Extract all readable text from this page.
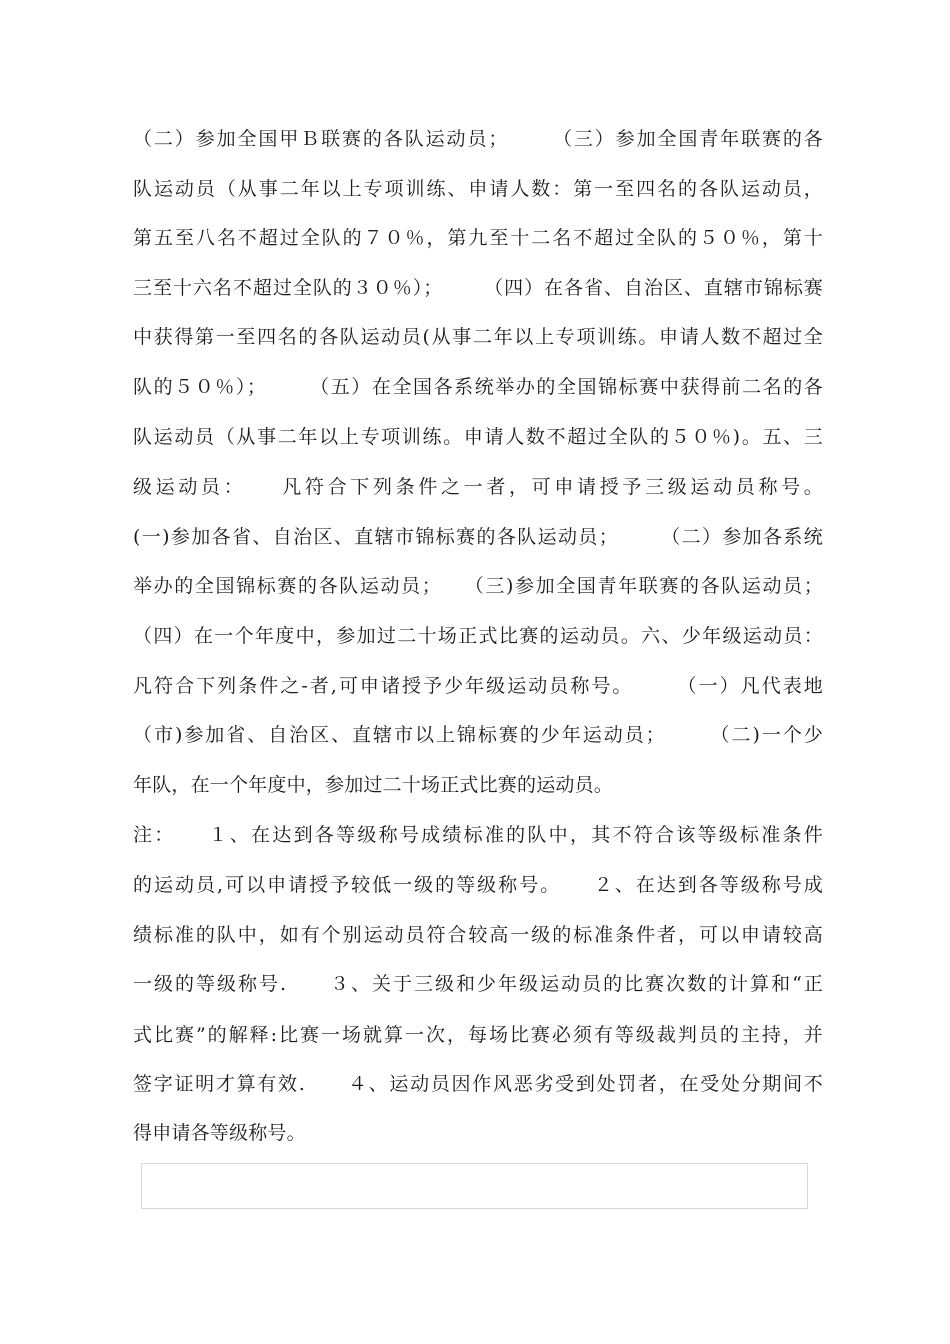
（二）参加全国甲Ｂ联赛的各队运动员；　　　（三）参加全国青年联赛的各
队运动员（从事二年以上专项训练、申请人数：第一至四名的各队运动员，
第五至八名不超过全队的７０％，第九至十二名不超过全队的５０％，第十
三至十六名不超过全队的３０％）；　　　（四）在各省、自治区、直辖市锦标赛
中获得第一至四名的各队运动员(从事二年以上专项训练。申请人数不超过全
队的５０％）；　　　（五）在全国各系统举办的全国锦标赛中获得前二名的各
队运动员（从事二年以上专项训练。申请人数不超过全队的５０％)。五、三
级运动员：　　凡符合下列条件之一者，可申请授予三级运动员称号。
(一)参加各省、自治区、直辖市锦标赛的各队运动员；　　　（二）参加各系统
举办的全国锦标赛的各队运动员；　　（三)参加全国青年联赛的各队运动员；
（四）在一个年度中，参加过二十场正式比赛的运动员。六、少年级运动员：
凡符合下列条件之-者,可申诸授予少年级运动员称号。　　　（一）凡代表地
（市)参加省、自治区、直辖市以上锦标赛的少年运动员；　　　（二)一个少
年队，在一个年度中，参加过二十场正式比赛的运动员。
注：　　１、在达到各等级称号成绩标准的队中，其不符合该等级标准条件
的运动员,可以申请授予较低一级的等级称号。　　２、在达到各等级称号成
绩标准的队中，如有个别运动员符合较高一级的标准条件者，可以申请较高
一级的等级称号.　　３、关于三级和少年级运动员的比赛次数的计算和“正
式比赛”的解释:比赛一场就算一次，每场比赛必须有等级裁判员的主持，并
签字证明才算有效.　　４、运动员因作风恶劣受到处罚者，在受处分期间不
得申请各等级称号。
